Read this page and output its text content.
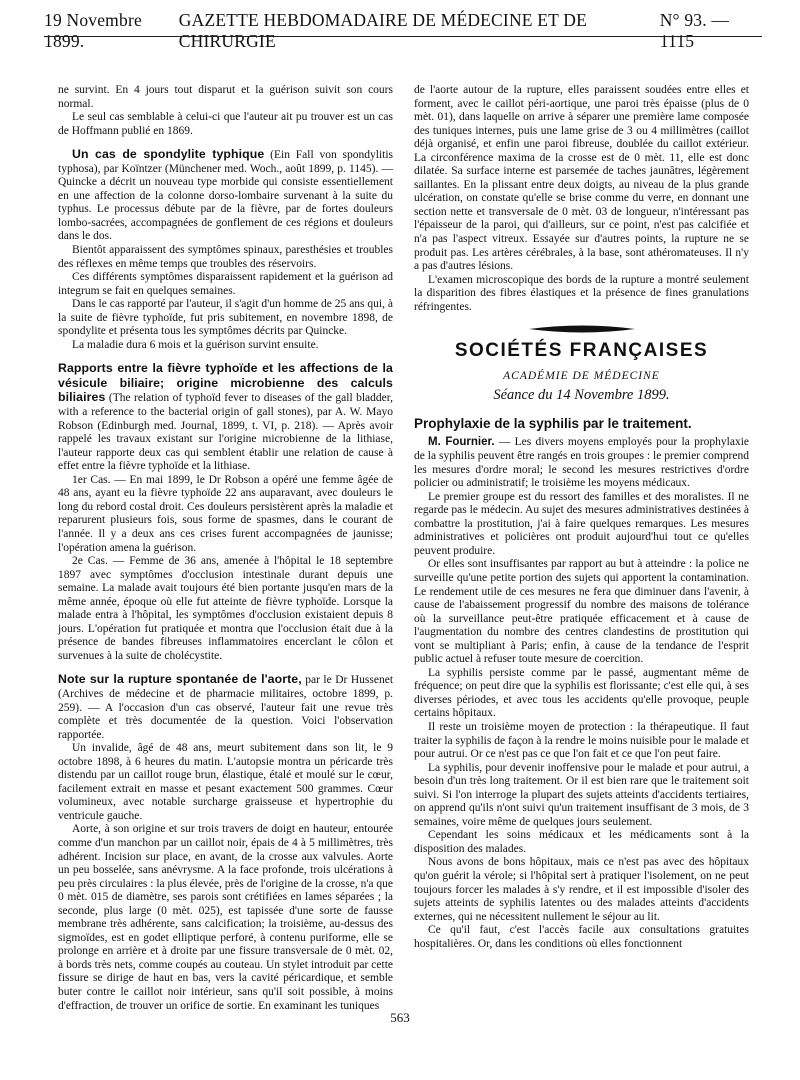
19 Novembre 1899.
GAZETTE HEBDOMADAIRE DE MÉDECINE ET DE CHIRURGIE
N° 93. — 1115

ne survint. En 4 jours tout disparut et la guérison suivit son cours normal.

Le seul cas semblable à celui-ci que l'auteur ait pu trouver est un cas de Hoffmann publié en 1869.

Un cas de spondylite typhique (Ein Fall von spondylitis typhosa), par Koïntzer (Münchener med. Woch., août 1899, p. 1145). — Quincke a décrit un nouveau type morbide qui consiste essentiellement en une affection de la colonne dorso-lombaire survenant à la suite du typhus. Le processus débute par de la fièvre, par de fortes douleurs lombo-sacrées, accompagnées de gonflement de ces régions et douleurs dans le dos.

Bientôt apparaissent des symptômes spinaux, paresthésies et troubles des réflexes en même temps que troubles des réservoirs.

Ces différents symptômes disparaissent rapidement et la guérison ad integrum se fait en quelques semaines.

Dans le cas rapporté par l'auteur, il s'agit d'un homme de 25 ans qui, à la suite de fièvre typhoïde, fut pris subitement, en novembre 1898, de spondylite et présenta tous les symptômes décrits par Quincke.

La maladie dura 6 mois et la guérison survint ensuite.

Rapports entre la fièvre typhoïde et les affections de la vésicule biliaire; origine microbienne des calculs biliaires (The relation of typhoïd fever to diseases of the gall bladder, with a reference to the bacterial origin of gall stones), par A. W. Mayo Robson (Edinburgh med. Journal, 1899, t. VI, p. 218). — Après avoir rappelé les travaux existant sur l'origine microbienne de la lithiase, l'auteur rapporte deux cas qui semblent établir une relation de cause à effet entre la fièvre typhoïde et la lithiase.

1er Cas. — En mai 1899, le Dr Robson a opéré une femme âgée de 48 ans, ayant eu la fièvre typhoïde 22 ans auparavant, avec douleurs le long du rebord costal droit. Ces douleurs persistèrent après la maladie et reparurent plusieurs fois, sous forme de spasmes, dans le courant de l'année. Il y a deux ans ces crises furent accompagnées de jaunisse; l'opération amena la guérison.

2e Cas. — Femme de 36 ans, amenée à l'hôpital le 18 septembre 1897 avec symptômes d'occlusion intestinale durant depuis une semaine. La malade avait toujours été bien portante jusqu'en mars de la même année, époque où elle fut atteinte de fièvre typhoïde. Lorsque la malade entra à l'hôpital, les symptômes d'occlusion existaient depuis 8 jours. L'opération fut pratiquée et montra que l'occlusion était due à la présence de bandes fibreuses inflammatoires encerclant le côlon et survenues à la suite de cholécystite.

Note sur la rupture spontanée de l'aorte, par le Dr Hussenet (Archives de médecine et de pharmacie militaires, octobre 1899, p. 259). — A l'occasion d'un cas observé, l'auteur fait une revue très complète et très documentée de la question. Voici l'observation rapportée.

Un invalide, âgé de 48 ans, meurt subitement dans son lit, le 9 octobre 1898, à 6 heures du matin. L'autopsie montra un péricarde très distendu par un caillot rouge brun, élastique, étalé et moulé sur le cœur, facilement extrait en masse et pesant exactement 500 grammes. Cœur volumineux, avec notable surcharge graisseuse et hypertrophie du ventricule gauche.

Aorte, à son origine et sur trois travers de doigt en hauteur, entourée comme d'un manchon par un caillot noir, épais de 4 à 5 millimètres, très adhérent. Incision sur place, en avant, de la crosse aux valvules. Aorte un peu bosselée, sans anévrysme. A la face profonde, trois ulcérations à peu près circulaires : la plus élevée, près de l'origine de la crosse, n'a que 0 mèt. 015 de diamètre, ses parois sont crétifiées en lames séparées ; la seconde, plus large (0 mèt. 025), est tapissée d'une sorte de fausse membrane très adhérente, sans calcification; la troisième, au-dessus des sigmoïdes, est en godet elliptique perforé, à contenu puriforme, elle se prolonge en arrière et à droite par une fissure transversale de 0 mèt. 02, à bords très nets, comme coupés au couteau. Un stylet introduit par cette fissure se dirige de haut en bas, vers la cavité péricardique, et semble buter contre le caillot noir intérieur, sans qu'il soit possible, à moins d'effraction, de trouver un orifice de sortie. En examinant les tuniques

de l'aorte autour de la rupture, elles paraissent soudées entre elles et forment, avec le caillot péri-aortique, une paroi très épaisse (plus de 0 mèt. 01), dans laquelle on arrive à séparer une première lame composée des tuniques internes, puis une lame grise de 3 ou 4 millimètres (caillot déjà organisé, et enfin une paroi fibreuse, doublée du caillot extérieur. La circonférence maxima de la crosse est de 0 mèt. 11, elle est donc dilatée. Sa surface interne est parsemée de taches jaunâtres, légèrement saillantes. En la plissant entre deux doigts, au niveau de la plus grande ulcération, on constate qu'elle se brise comme du verre, en donnant une section nette et transversale de 0 mèt. 03 de longueur, n'intéressant pas l'épaisseur de la paroi, qui d'ailleurs, sur ce point, n'est pas calcifiée et n'a pas l'aspect vitreux. Essayée sur d'autres points, la rupture ne se produit pas. Les artères cérébrales, à la base, sont athéromateuses. Il n'y a pas d'autres lésions.

L'examen microscopique des bords de la rupture a montré seulement la disparition des fibres élastiques et la présence de fines granulations réfringentes.

SOCIÉTÉS FRANÇAISES
ACADÉMIE DE MÉDECINE
Séance du 14 Novembre 1899.
Prophylaxie de la syphilis par le traitement.

M. Fournier. — Les divers moyens employés pour la prophylaxie de la syphilis peuvent être rangés en trois groupes : le premier comprend les mesures d'ordre moral; le second les mesures restrictives d'ordre policier ou administratif; le troisième les moyens médicaux.

Le premier groupe est du ressort des familles et des moralistes. Il ne regarde pas le médecin. Au sujet des mesures administratives destinées à combattre la prostitution, j'ai à faire quelques remarques. Les mesures administratives et policières ont produit aujourd'hui tout ce qu'elles peuvent produire.

Or elles sont insuffisantes par rapport au but à atteindre : la police ne surveille qu'une petite portion des sujets qui apportent la contamination. Le rendement utile de ces mesures ne fera que diminuer dans l'avenir, à cause de l'abaissement progressif du nombre des maisons de tolérance où la surveillance peut-être pratiquée efficacement et à cause de l'augmentation du nombre des centres clandestins de prostitution qui vont se multipliant à Paris; enfin, à cause de la tendance de l'esprit public actuel à refuser toute mesure de coercition.

La syphilis persiste comme par le passé, augmentant même de fréquence; on peut dire que la syphilis est florissante; c'est elle qui, à ses diverses périodes, et avec tous les accidents qu'elle provoque, peuple certains hôpitaux.

Il reste un troisième moyen de protection : la thérapeutique. Il faut traiter la syphilis de façon à la rendre le moins nuisible pour le malade et pour autrui. Or ce n'est pas ce que l'on fait et ce que l'on peut faire.

La syphilis, pour devenir inoffensive pour le malade et pour autrui, a besoin d'un très long traitement. Or il est bien rare que le traitement soit suivi. Si l'on interroge la plupart des sujets atteints d'accidents tertiaires, on apprend qu'ils n'ont suivi qu'un traitement insuffisant de 3 mois, de 3 semaines, voire même de quelques jours seulement.

Cependant les soins médicaux et les médicaments sont à la disposition des malades.

Nous avons de bons hôpitaux, mais ce n'est pas avec des hôpitaux qu'on guérit la vérole; si l'hôpital sert à pratiquer l'isolement, on ne peut toujours forcer les malades à s'y rendre, et il est impossible d'isoler des sujets atteints de syphilis latentes ou des malades atteints d'accidents externes, qui ne nécessitent nullement le séjour au lit.

Ce qu'il faut, c'est l'accès facile aux consultations gratuites hospitalières. Or, dans les conditions où elles fonctionnent

563
